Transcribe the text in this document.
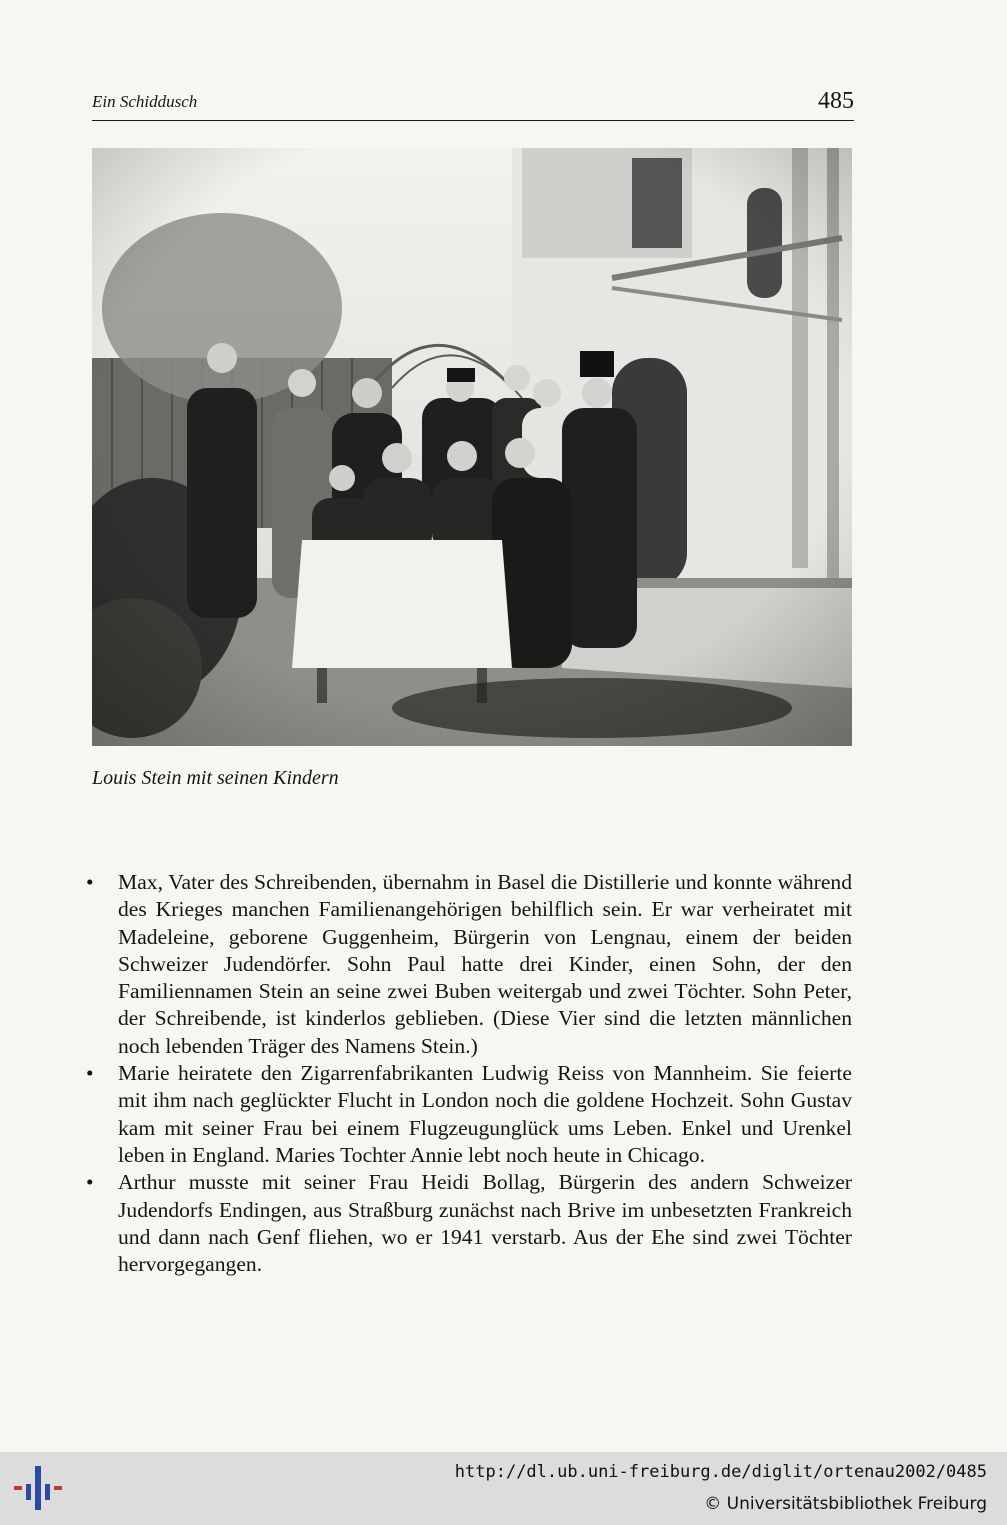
Ein Schiddusch	485
Louis Stein mit seinen Kindern
• Max, Vater des Schreibenden, übernahm in Basel die Distillerie und konnte während des Krieges manchen Familienangehörigen behilflich sein. Er war verheiratet mit Madeleine, geborene Guggenheim, Bürgerin von Lengnau, einem der beiden Schweizer Judendörfer. Sohn Paul hatte drei Kinder, einen Sohn, der den Familiennamen Stein an seine zwei Buben weitergab und zwei Töchter. Sohn Peter, der Schreibende, ist kinderlos geblieben. (Diese Vier sind die letzten männlichen noch lebenden Träger des Namens Stein.)
• Marie heiratete den Zigarrenfabrikanten Ludwig Reiss von Mannheim. Sie feierte mit ihm nach geglückter Flucht in London noch die goldene Hochzeit. Sohn Gustav kam mit seiner Frau bei einem Flugzeugunglück ums Leben. Enkel und Urenkel leben in England. Maries Tochter Annie lebt noch heute in Chicago.
• Arthur musste mit seiner Frau Heidi Bollag, Bürgerin des andern Schweizer Judendorfs Endingen, aus Straßburg zunächst nach Brive im unbesetzten Frankreich und dann nach Genf fliehen, wo er 1941 verstarb. Aus der Ehe sind zwei Töchter hervorgegangen.
http://dl.ub.uni-freiburg.de/diglit/ortenau2002/0485
© Universitätsbibliothek Freiburg
